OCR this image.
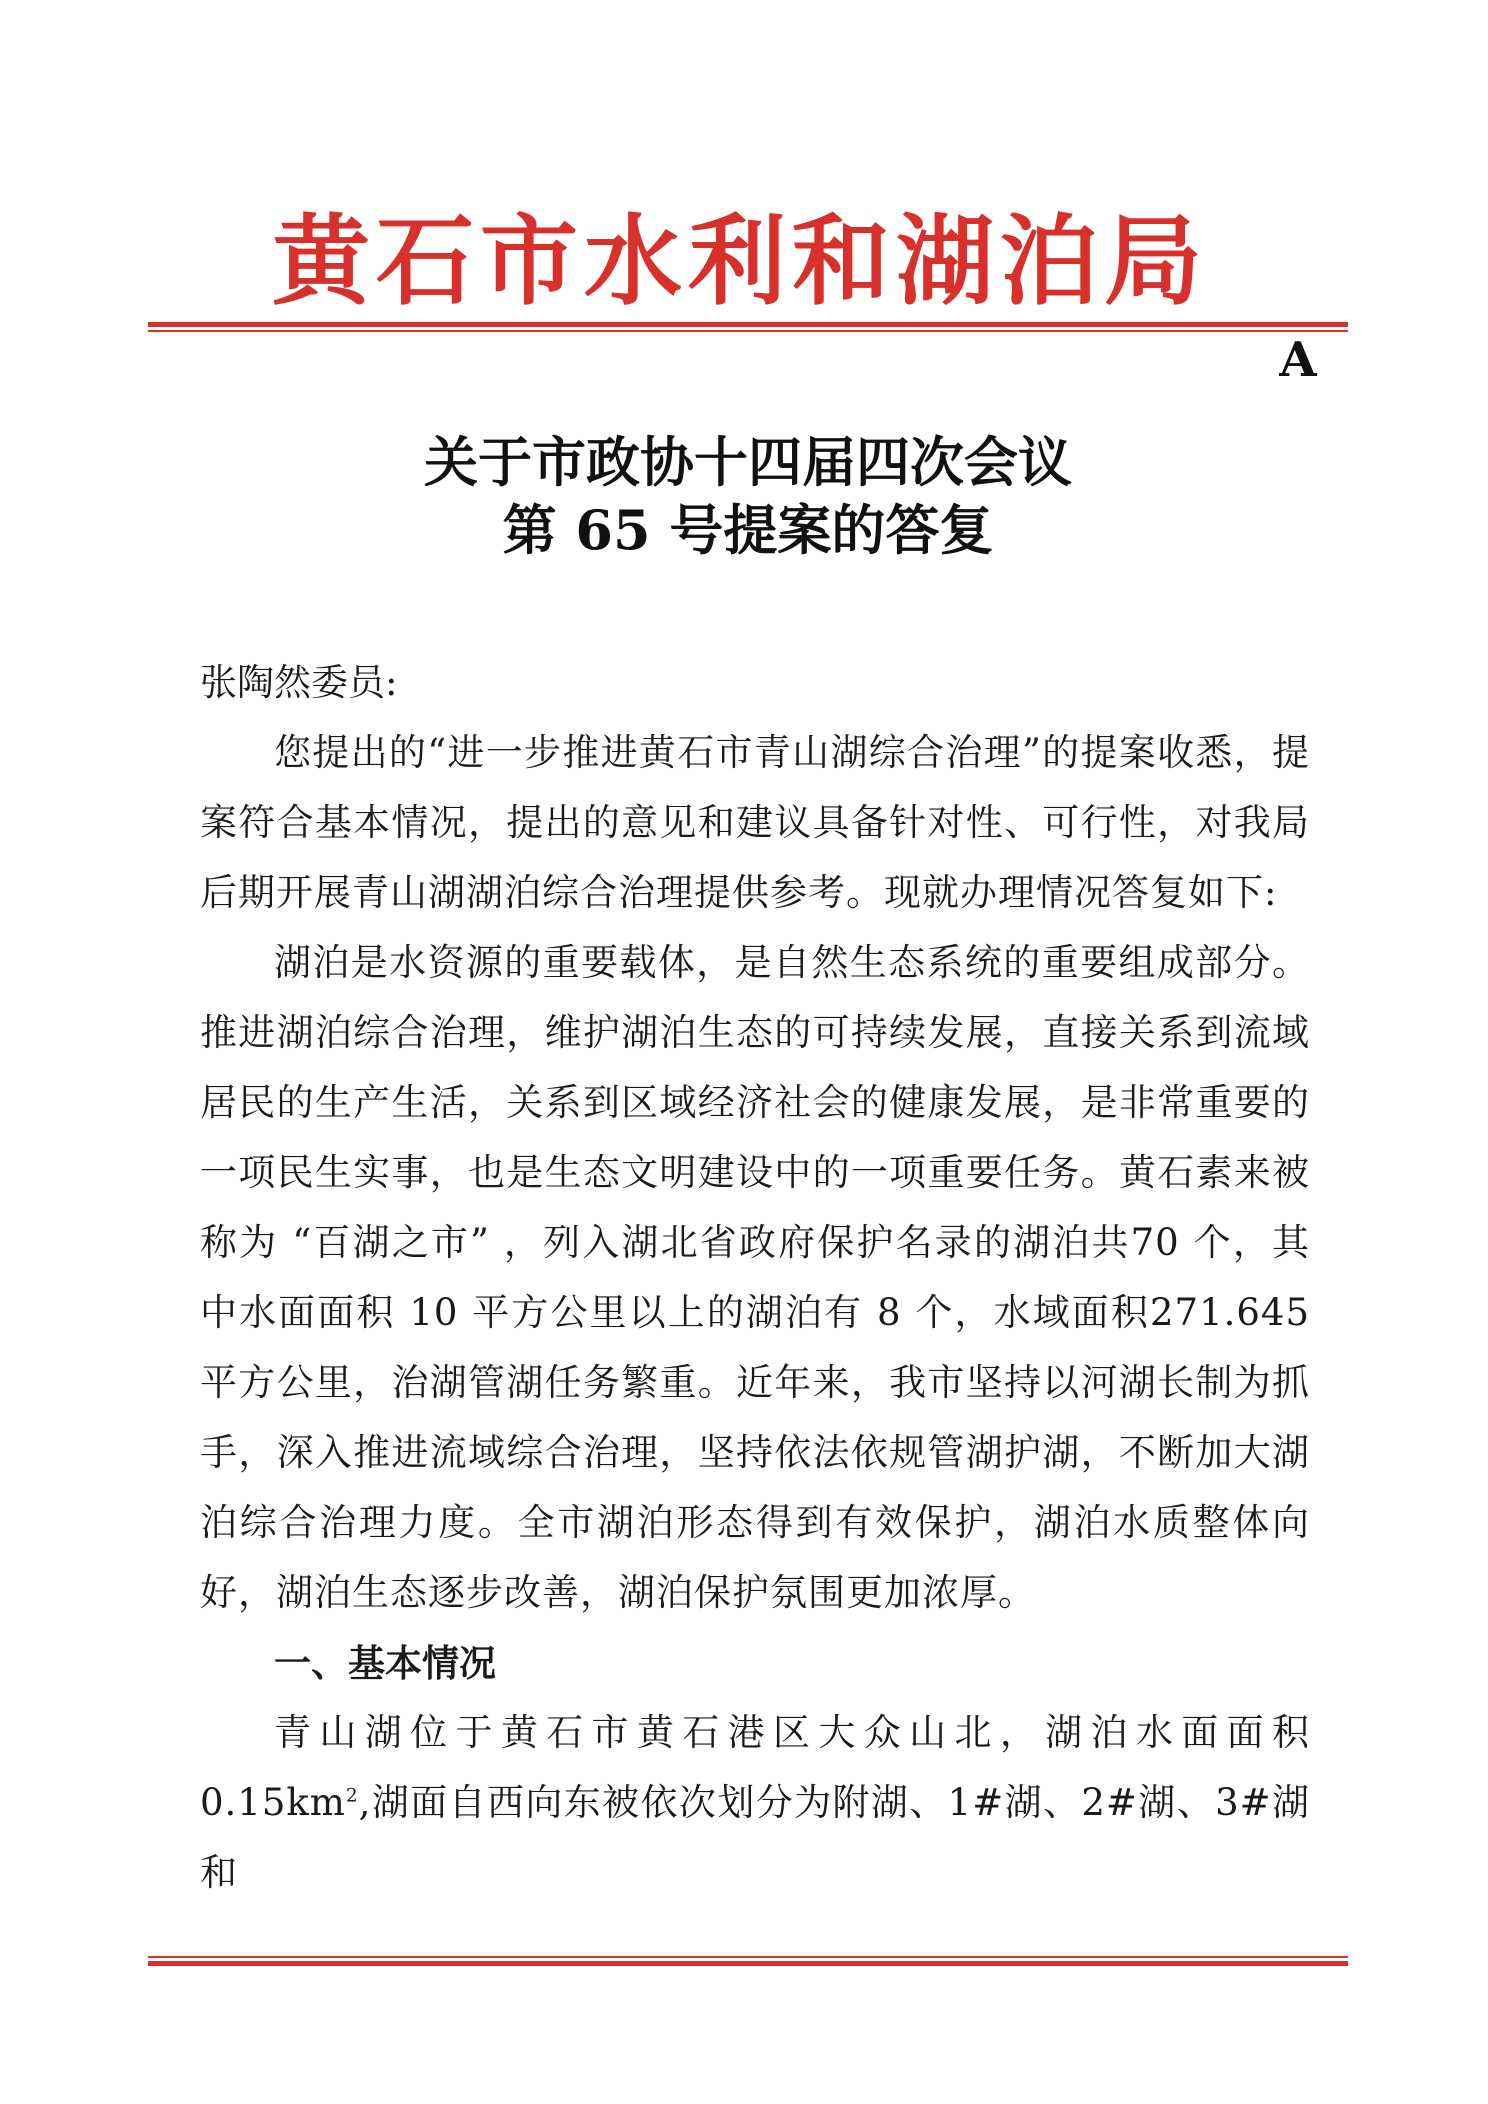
黄石市水利和湖泊局
A
关于市政协十四届四次会议
第 65 号提案的答复

张陶然委员:

您提出的“进一步推进黄石市青山湖综合治理”的提案收悉，提案符合基本情况，提出的意见和建议具备针对性、可行性，对我局后期开展青山湖湖泊综合治理提供参考。现就办理情况答复如下:

湖泊是水资源的重要载体，是自然生态系统的重要组成部分。推进湖泊综合治理，维护湖泊生态的可持续发展，直接关系到流域居民的生产生活，关系到区域经济社会的健康发展，是非常重要的一项民生实事，也是生态文明建设中的一项重要任务。黄石素来被称为 “百湖之市” ，列入湖北省政府保护名录的湖泊共70 个，其中水面面积 10 平方公里以上的湖泊有 8 个，水域面积271.645 平方公里，治湖管湖任务繁重。近年来，我市坚持以河湖长制为抓手，深入推进流域综合治理，坚持依法依规管湖护湖，不断加大湖泊综合治理力度。全市湖泊形态得到有效保护，湖泊水质整体向好，湖泊生态逐步改善，湖泊保护氛围更加浓厚。

一、基本情况

青山湖位于黄石市黄石港区大众山北，湖泊水面面积$0.15km^2$,湖面自西向东被依次划分为附湖、1#湖、2#湖、3#湖和
